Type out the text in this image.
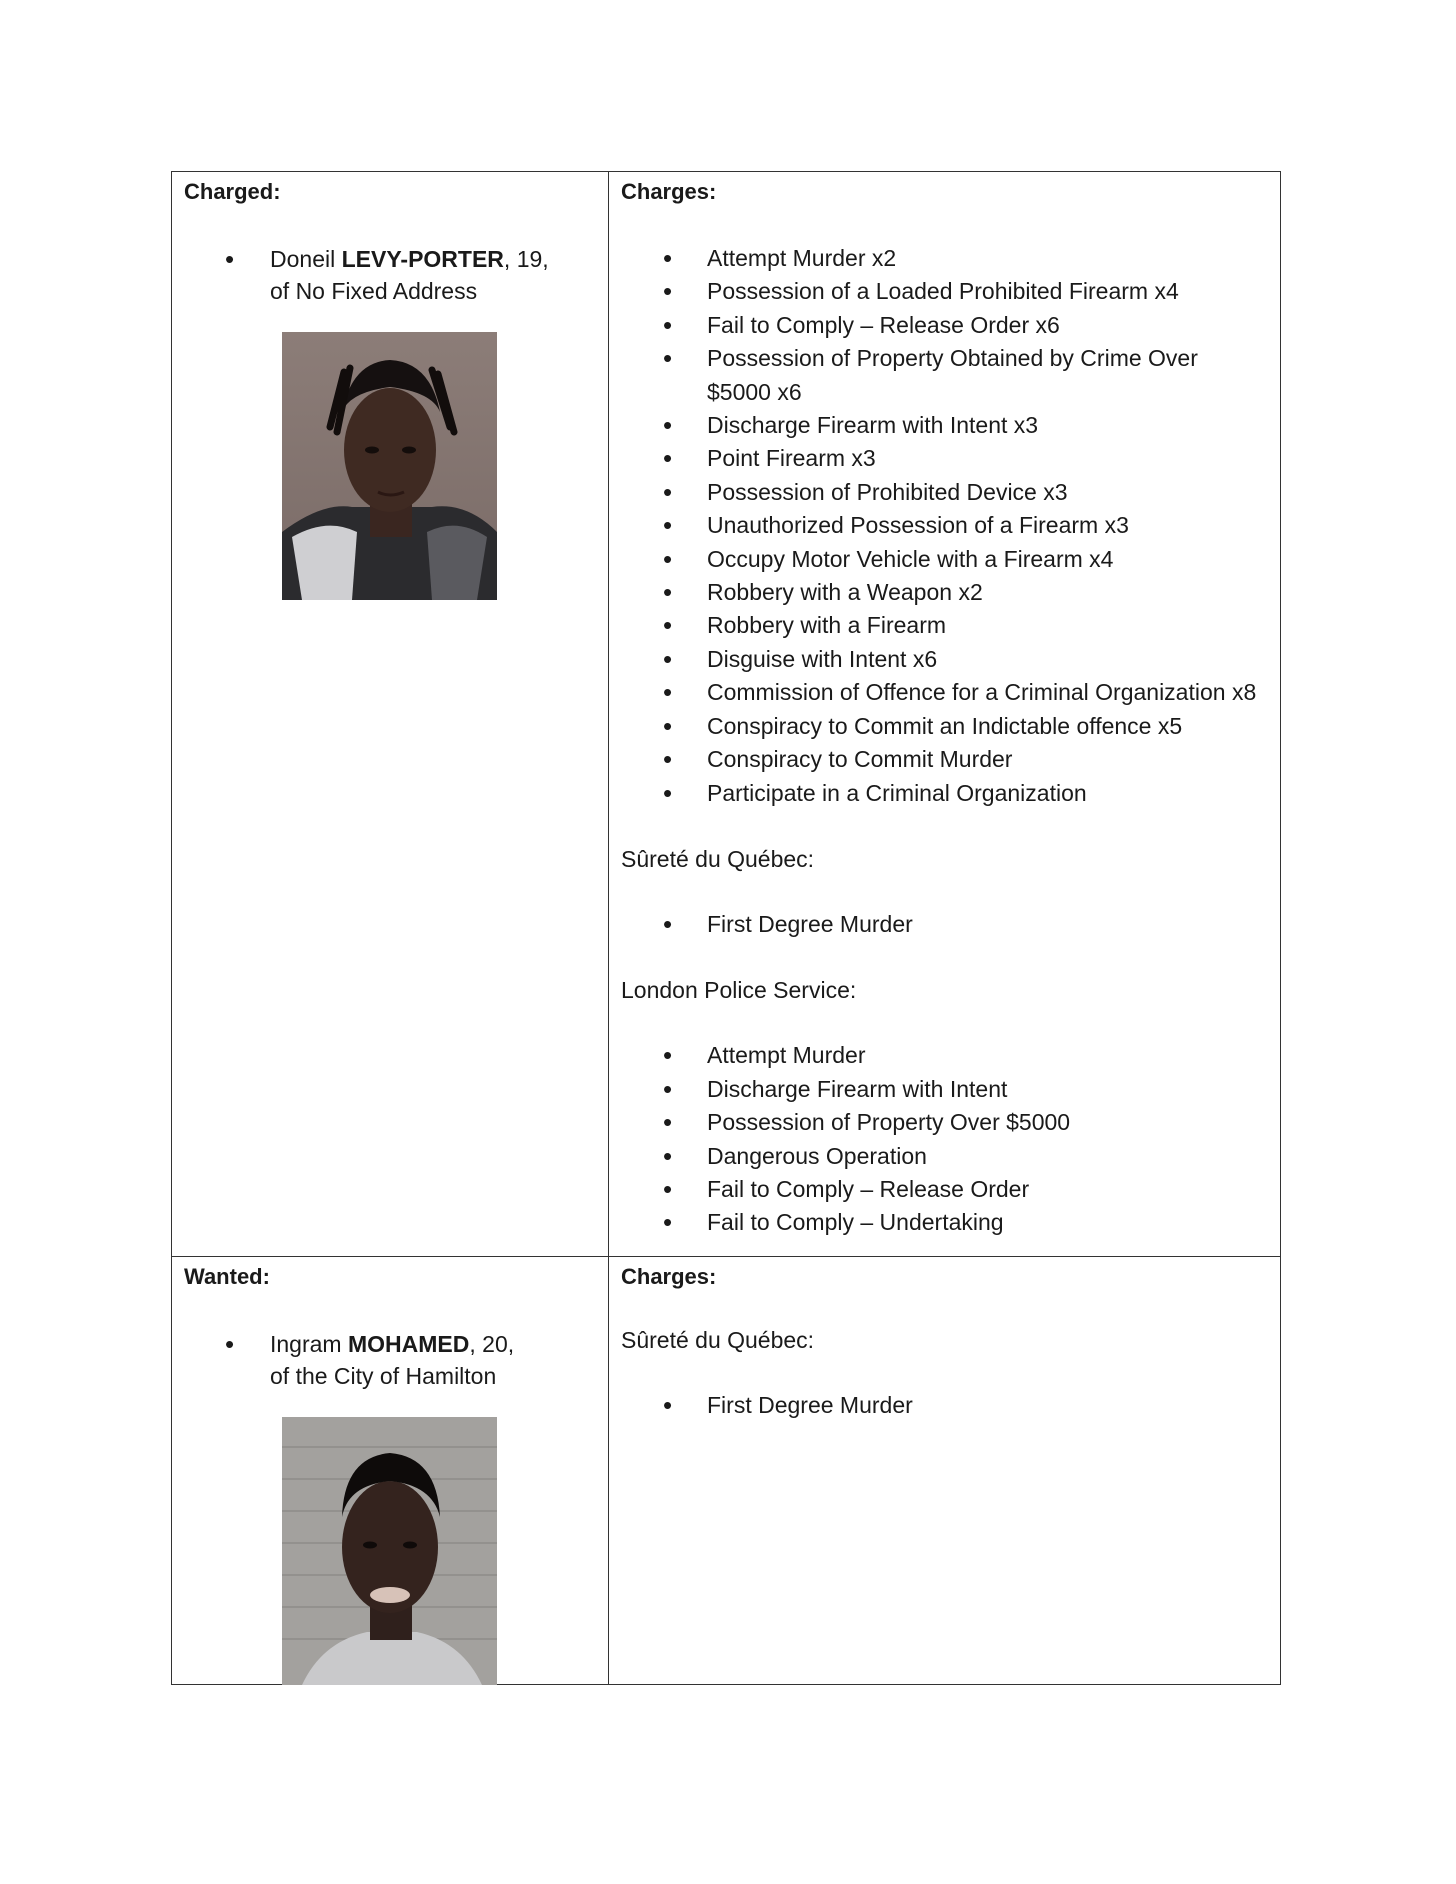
Charged:

• Doneil LEVY-PORTER, 19,
of No Fixed Address

Charges:

• Attempt Murder x2
• Possession of a Loaded Prohibited Firearm x4
• Fail to Comply – Release Order x6
• Possession of Property Obtained by Crime Over $5000 x6
• Discharge Firearm with Intent x3
• Point Firearm x3
• Possession of Prohibited Device x3
• Unauthorized Possession of a Firearm x3
• Occupy Motor Vehicle with a Firearm x4
• Robbery with a Weapon x2
• Robbery with a Firearm
• Disguise with Intent x6
• Commission of Offence for a Criminal Organization x8
• Conspiracy to Commit an Indictable offence x5
• Conspiracy to Commit Murder
• Participate in a Criminal Organization

Sûreté du Québec:

• First Degree Murder

London Police Service:

• Attempt Murder
• Discharge Firearm with Intent
• Possession of Property Over $5000
• Dangerous Operation
• Fail to Comply – Release Order
• Fail to Comply – Undertaking

Wanted:

• Ingram MOHAMED, 20,
of the City of Hamilton

Charges:

Sûreté du Québec:

• First Degree Murder
